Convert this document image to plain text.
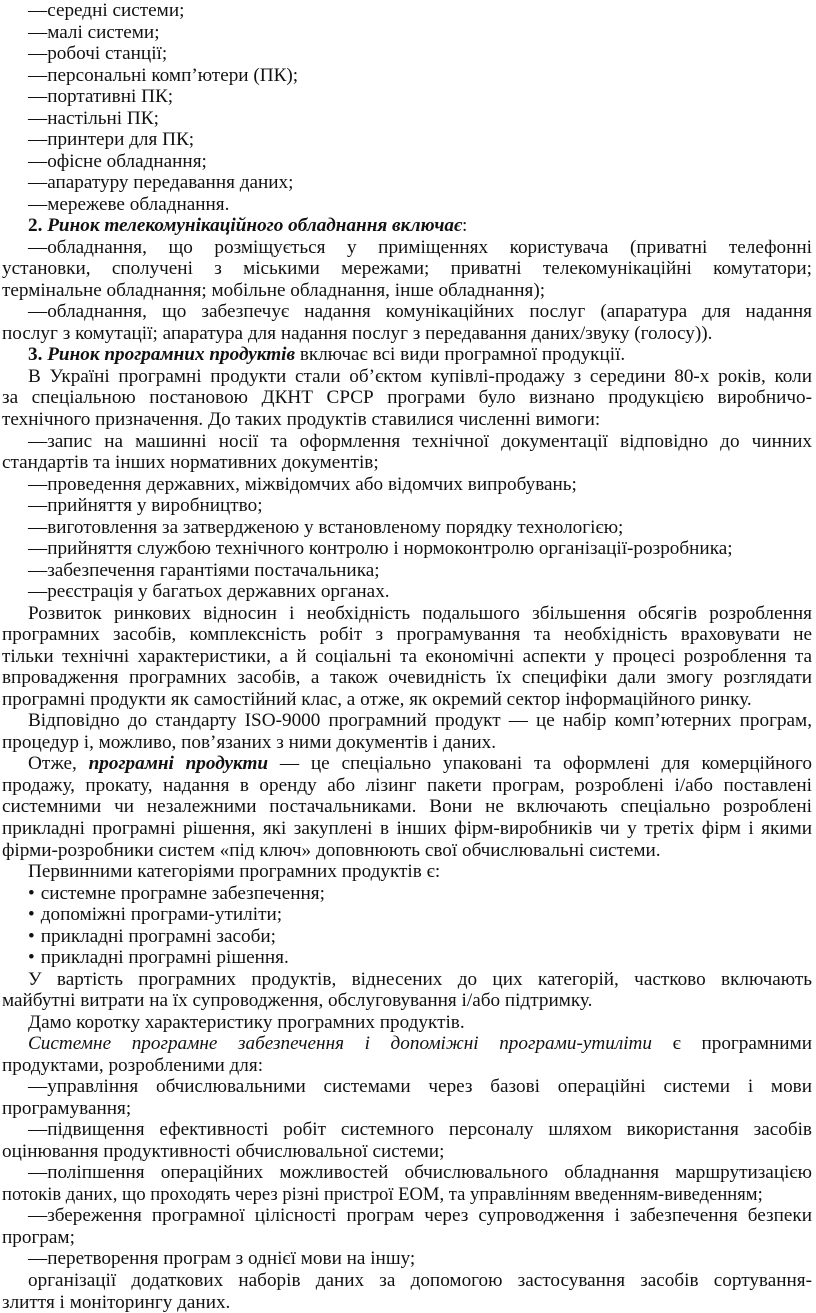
— середні системи;
— малі системи;
— робочі станції;
— персональні комп’ютери (ПК);
— портативні ПК;
— настільні ПК;
— принтери для ПК;
— офісне обладнання;
— апаратуру передавання даних;
— мережеве обладнання.
2. Ринок телекомунікаційного обладнання включає:
— обладнання, що розміщується у приміщеннях користувача (приватні телефонні
установки, сполучені з міськими мережами; приватні телекомунікаційні комутатори;
термінальне обладнання; мобільне обладнання, інше обладнання);
— обладнання, що забезпечує надання комунікаційних послуг (апаратура для надання
послуг з комутації; апаратура для надання послуг з передавання даних/звуку (голосу)).
3. Ринок програмних продуктів включає всі види програмної продукції.
В Україні програмні продукти стали об’єктом купівлі-продажу з середини 80-х років, коли
за спеціальною постановою ДКНТ СРСР програми було визнано продукцією виробничо-
технічного призначення. До таких продуктів ставилися численні вимоги:
— запис на машинні носії та оформлення технічної документації відповідно до чинних
стандартів та інших нормативних документів;
— проведення державних, міжвідомчих або відомчих випробувань;
— прийняття у виробництво;
— виготовлення за затвердженою у встановленому порядку технологією;
— прийняття службою технічного контролю і нормоконтролю організації-розробника;
— забезпечення гарантіями постачальника;
— реєстрація у багатьох державних органах.
Розвиток ринкових відносин і необхідність подальшого збільшення обсягів розроблення
програмних засобів, комплексність робіт з програмування та необхідність враховувати не
тільки технічні характеристики, а й соціальні та економічні аспекти у процесі розроблення та
впровадження програмних засобів, а також очевидність їх специфіки дали змогу розглядати
програмні продукти як самостійний клас, а отже, як окремий сектор інформаційного ринку.
Відповідно до стандарту ISO-9000 програмний продукт — це набір комп’ютерних програм,
процедур і, можливо, пов’язаних з ними документів і даних.
Отже, програмні продукти — це спеціально упаковані та оформлені для комерційного
продажу, прокату, надання в оренду або лізинг пакети програм, розроблені і/або поставлені
системними чи незалежними постачальниками. Вони не включають спеціально розроблені
прикладні програмні рішення, які закуплені в інших фірм-виробників чи у третіх фірм і якими
фірми-розробники систем «під ключ» доповнюють свої обчислювальні системи.
Первинними категоріями програмних продуктів є:
• системне програмне забезпечення;
• допоміжні програми-утиліти;
• прикладні програмні засоби;
• прикладні програмні рішення.
У вартість програмних продуктів, віднесених до цих категорій, частково включають
майбутні витрати на їх супроводження, обслуговування і/або підтримку.
Дамо коротку характеристику програмних продуктів.
Системне програмне забезпечення і допоміжні програми-утиліти є програмними
продуктами, розробленими для:
— управління обчислювальними системами через базові операційні системи і мови
програмування;
— підвищення ефективності робіт системного персоналу шляхом використання засобів
оцінювання продуктивності обчислювальної системи;
— поліпшення операційних можливостей обчислювального обладнання маршрутизацією
потоків даних, що проходять через різні пристрої ЕОМ, та управлінням введенням-виведенням;
— збереження програмної цілісності програм через супроводження і забезпечення безпеки
програм;
організації додаткових наборів даних за допомогою застосування засобів сортування-
злиття і моніторингу даних.
— перетворення програм з однієї мови на іншу;
